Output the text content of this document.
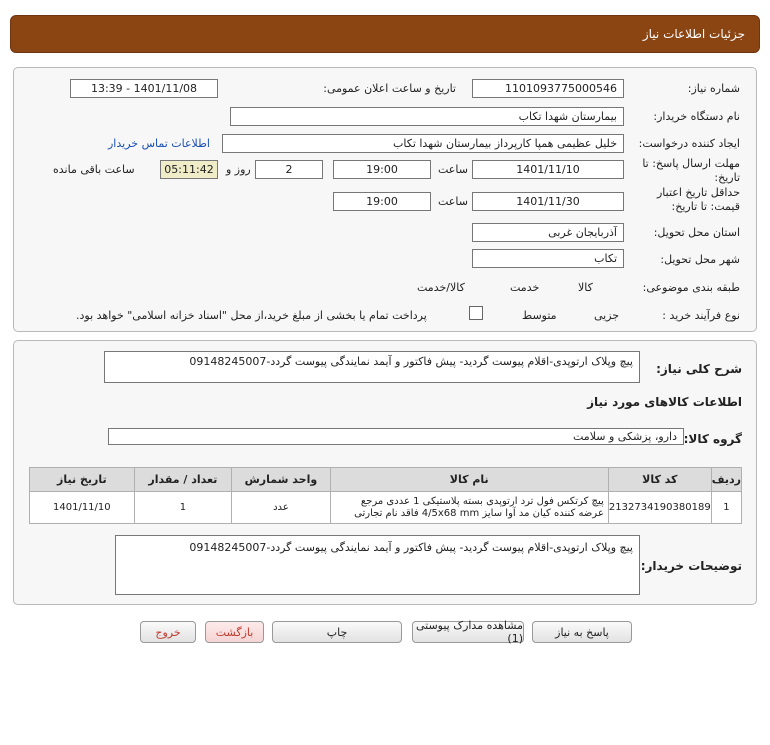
جزئیات اطلاعات نیاز
شماره نیاز:
1101093775000546
تاریخ و ساعت اعلان عمومی:
1401/11/08 - 13:39
نام دستگاه خریدار:
بیمارستان شهدا تکاب
ایجاد کننده درخواست:
خلیل عظیمی همپا کارپرداز بیمارستان شهدا تکاب
اطلاعات تماس خریدار
مهلت ارسال پاسخ: تا تاریخ:
1401/11/10
ساعت
19:00
2
روز و
05:11:42
ساعت باقی مانده
حداقل تاریخ اعتبار قیمت: تا تاریخ:
1401/11/30
ساعت
19:00
استان محل تحویل:
آذربایجان غربی
شهر محل تحویل:
تکاب
طبقه بندی موضوعی:

کالا

خدمت

کالا/خدمت
نوع فرآیند خرید :

جزیی
متوسط
پرداخت تمام یا بخشی از مبلغ خرید،از محل "اسناد خزانه اسلامی" خواهد بود.
شرح کلی نیاز:
پیچ وپلاک ارتوپدی-اقلام پیوست گردید- پیش فاکتور و آیمد نمایندگی پیوست گردد-09148245007
اطلاعات کالاهای مورد نیاز
گروه کالا:
دارو، پزشکی و سلامت
ردیف	کد کالا	نام کالا	واحد شمارش	تعداد / مقدار	تاریخ نیاز
1	2132734190380189	پیچ کرتکس فول ترد ارتوپدی بسته پلاستیکی 1 عددی مرجع عرضه کننده کیان مد آوا سایز 4/5x68 mm فاقد نام تجارتی	عدد	1	1401/11/10
توضیحات خریدار:
پیچ وپلاک ارتوپدی-اقلام پیوست گردید- پیش فاکتور و آیمد نمایندگی پیوست گردد-09148245007
پاسخ به نیاز
مشاهده مدارک پیوستی (1)
چاپ
بازگشت
خروج
